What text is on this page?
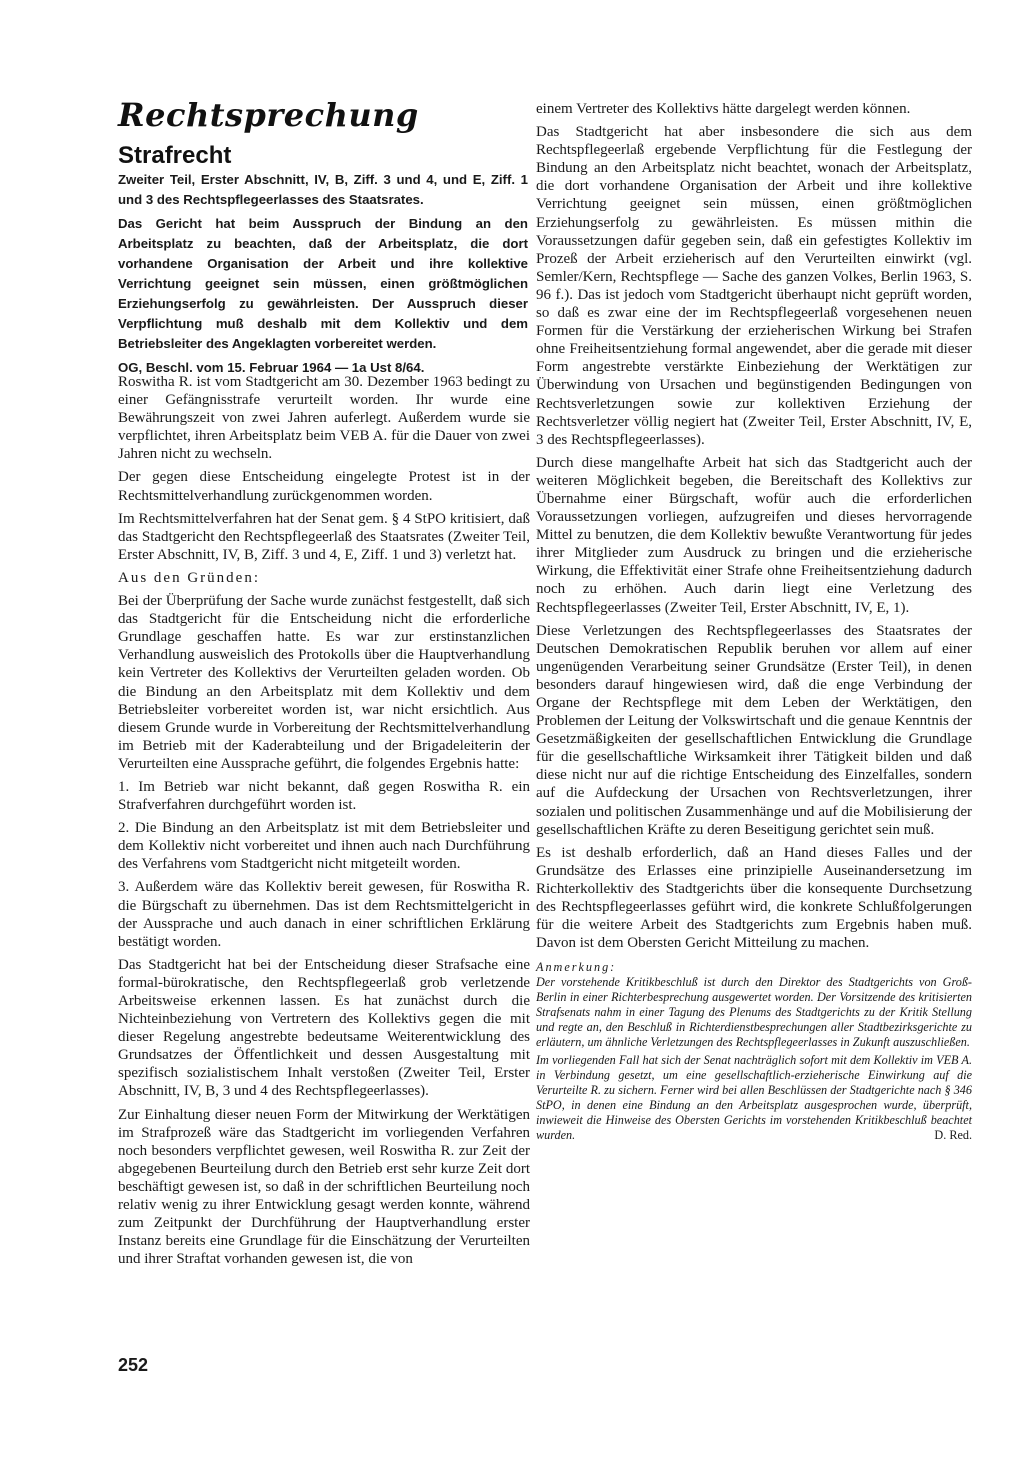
Rechtsprechung
Strafrecht

Zweiter Teil, Erster Abschnitt, IV, B, Ziff. 3 und 4, und E, Ziff. 1 und 3 des Rechtspflegeerlasses des Staatsrates.

Das Gericht hat beim Ausspruch der Bindung an den Arbeitsplatz zu beachten, daß der Arbeitsplatz, die dort vorhandene Organisation der Arbeit und ihre kollektive Verrichtung geeignet sein müssen, einen größtmöglichen Erziehungserfolg zu gewährleisten. Der Ausspruch dieser Verpflichtung muß deshalb mit dem Kollektiv und dem Betriebsleiter des Angeklagten vorbereitet werden.

OG, Beschl. vom 15. Februar 1964 — 1a Ust 8/64.

Roswitha R. ist vom Stadtgericht am 30. Dezember 1963 bedingt zu einer Gefängnisstrafe verurteilt worden. Ihr wurde eine Bewährungszeit von zwei Jahren auferlegt. Außerdem wurde sie verpflichtet, ihren Arbeitsplatz beim VEB A. für die Dauer von zwei Jahren nicht zu wechseln.

Der gegen diese Entscheidung eingelegte Protest ist in der Rechtsmittelverhandlung zurückgenommen worden.

Im Rechtsmittelverfahren hat der Senat gem. § 4 StPO kritisiert, daß das Stadtgericht den Rechtspflegeerlaß des Staatsrates (Zweiter Teil, Erster Abschnitt, IV, B, Ziff. 3 und 4, E, Ziff. 1 und 3) verletzt hat.

Aus den Gründen:

Bei der Überprüfung der Sache wurde zunächst festgestellt, daß sich das Stadtgericht für die Entscheidung nicht die erforderliche Grundlage geschaffen hatte. Es war zur erstinstanzlichen Verhandlung ausweislich des Protokolls über die Hauptverhandlung kein Vertreter des Kollektivs der Verurteilten geladen worden. Ob die Bindung an den Arbeitsplatz mit dem Kollektiv und dem Betriebsleiter vorbereitet worden ist, war nicht ersichtlich. Aus diesem Grunde wurde in Vorbereitung der Rechtsmittelverhandlung im Betrieb mit der Kaderabteilung und der Brigadeleiterin der Verurteilten eine Aussprache geführt, die folgendes Ergebnis hatte:

1. Im Betrieb war nicht bekannt, daß gegen Roswitha R. ein Strafverfahren durchgeführt worden ist.

2. Die Bindung an den Arbeitsplatz ist mit dem Betriebsleiter und dem Kollektiv nicht vorbereitet und ihnen auch nach Durchführung des Verfahrens vom Stadtgericht nicht mitgeteilt worden.

3. Außerdem wäre das Kollektiv bereit gewesen, für Roswitha R. die Bürgschaft zu übernehmen. Das ist dem Rechtsmittelgericht in der Aussprache und auch danach in einer schriftlichen Erklärung bestätigt worden.

Das Stadtgericht hat bei der Entscheidung dieser Strafsache eine formal-bürokratische, den Rechtspflegeerlaß grob verletzende Arbeitsweise erkennen lassen. Es hat zunächst durch die Nichteinbeziehung von Vertretern des Kollektivs gegen die mit dieser Regelung angestrebte bedeutsame Weiterentwicklung des Grundsatzes der Öffentlichkeit und dessen Ausgestaltung mit spezifisch sozialistischem Inhalt verstoßen (Zweiter Teil, Erster Abschnitt, IV, B, 3 und 4 des Rechtspflegeerlasses).

Zur Einhaltung dieser neuen Form der Mitwirkung der Werktätigen im Strafprozeß wäre das Stadtgericht im vorliegenden Verfahren noch besonders verpflichtet gewesen, weil Roswitha R. zur Zeit der abgegebenen Beurteilung durch den Betrieb erst sehr kurze Zeit dort beschäftigt gewesen ist, so daß in der schriftlichen Beurteilung noch relativ wenig zu ihrer Entwicklung gesagt werden konnte, während zum Zeitpunkt der Durchführung der Hauptverhandlung erster Instanz bereits eine Grundlage für die Einschätzung der Verurteilten und ihrer Straftat vorhanden gewesen ist, die von

einem Vertreter des Kollektivs hätte dargelegt werden können.

Das Stadtgericht hat aber insbesondere die sich aus dem Rechtspflegeerlaß ergebende Verpflichtung für die Festlegung der Bindung an den Arbeitsplatz nicht beachtet, wonach der Arbeitsplatz, die dort vorhandene Organisation der Arbeit und ihre kollektive Verrichtung geeignet sein müssen, einen größtmöglichen Erziehungserfolg zu gewährleisten. Es müssen mithin die Voraussetzungen dafür gegeben sein, daß ein gefestigtes Kollektiv im Prozeß der Arbeit erzieherisch auf den Verurteilten einwirkt (vgl. Semler/Kern, Rechtspflege — Sache des ganzen Volkes, Berlin 1963, S. 96 f.). Das ist jedoch vom Stadtgericht überhaupt nicht geprüft worden, so daß es zwar eine der im Rechtspflegeerlaß vorgesehenen neuen Formen für die Verstärkung der erzieherischen Wirkung bei Strafen ohne Freiheitsentziehung formal angewendet, aber die gerade mit dieser Form angestrebte verstärkte Einbeziehung der Werktätigen zur Überwindung von Ursachen und begünstigenden Bedingungen von Rechtsverletzungen sowie zur kollektiven Erziehung der Rechtsverletzer völlig negiert hat (Zweiter Teil, Erster Abschnitt, IV, E, 3 des Rechtspflegeerlasses).

Durch diese mangelhafte Arbeit hat sich das Stadtgericht auch der weiteren Möglichkeit begeben, die Bereitschaft des Kollektivs zur Übernahme einer Bürgschaft, wofür auch die erforderlichen Voraussetzungen vorliegen, aufzugreifen und dieses hervorragende Mittel zu benutzen, die dem Kollektiv bewußte Verantwortung für jedes ihrer Mitglieder zum Ausdruck zu bringen und die erzieherische Wirkung, die Effektivität einer Strafe ohne Freiheitsentziehung dadurch noch zu erhöhen. Auch darin liegt eine Verletzung des Rechtspflegeerlasses (Zweiter Teil, Erster Abschnitt, IV, E, 1).

Diese Verletzungen des Rechtspflegeerlasses des Staatsrates der Deutschen Demokratischen Republik beruhen vor allem auf einer ungenügenden Verarbeitung seiner Grundsätze (Erster Teil), in denen besonders darauf hingewiesen wird, daß die enge Verbindung der Organe der Rechtspflege mit dem Leben der Werktätigen, den Problemen der Leitung der Volkswirtschaft und die genaue Kenntnis der Gesetzmäßigkeiten der gesellschaftlichen Entwicklung die Grundlage für die gesellschaftliche Wirksamkeit ihrer Tätigkeit bilden und daß diese nicht nur auf die richtige Entscheidung des Einzelfalles, sondern auf die Aufdeckung der Ursachen von Rechtsverletzungen, ihrer sozialen und politischen Zusammenhänge und auf die Mobilisierung der gesellschaftlichen Kräfte zu deren Beseitigung gerichtet sein muß.

Es ist deshalb erforderlich, daß an Hand dieses Falles und der Grundsätze des Erlasses eine prinzipielle Auseinandersetzung im Richterkollektiv des Stadtgerichts über die konsequente Durchsetzung des Rechtspflegeerlasses geführt wird, die konkrete Schlußfolgerungen für die weitere Arbeit des Stadtgerichts zum Ergebnis haben muß. Davon ist dem Obersten Gericht Mitteilung zu machen.

Anmerkung:

Der vorstehende Kritikbeschluß ist durch den Direktor des Stadtgerichts von Groß-Berlin in einer Richterbesprechung ausgewertet worden. Der Vorsitzende des kritisierten Strafsenats nahm in einer Tagung des Plenums des Stadtgerichts zu der Kritik Stellung und regte an, den Beschluß in Richterdienstbesprechungen aller Stadtbezirksgerichte zu erläutern, um ähnliche Verletzungen des Rechtspflegeerlasses in Zukunft auszuschließen.

Im vorliegenden Fall hat sich der Senat nachträglich sofort mit dem Kollektiv im VEB A. in Verbindung gesetzt, um eine gesellschaftlich-erzieherische Einwirkung auf die Verurteilte R. zu sichern. Ferner wird bei allen Beschlüssen der Stadtgerichte nach § 346 StPO, in denen eine Bindung an den Arbeitsplatz ausgesprochen wurde, überprüft, inwieweit die Hinweise des Obersten Gerichts im vorstehenden Kritikbeschluß beachtet wurden.	D. Red.

252
